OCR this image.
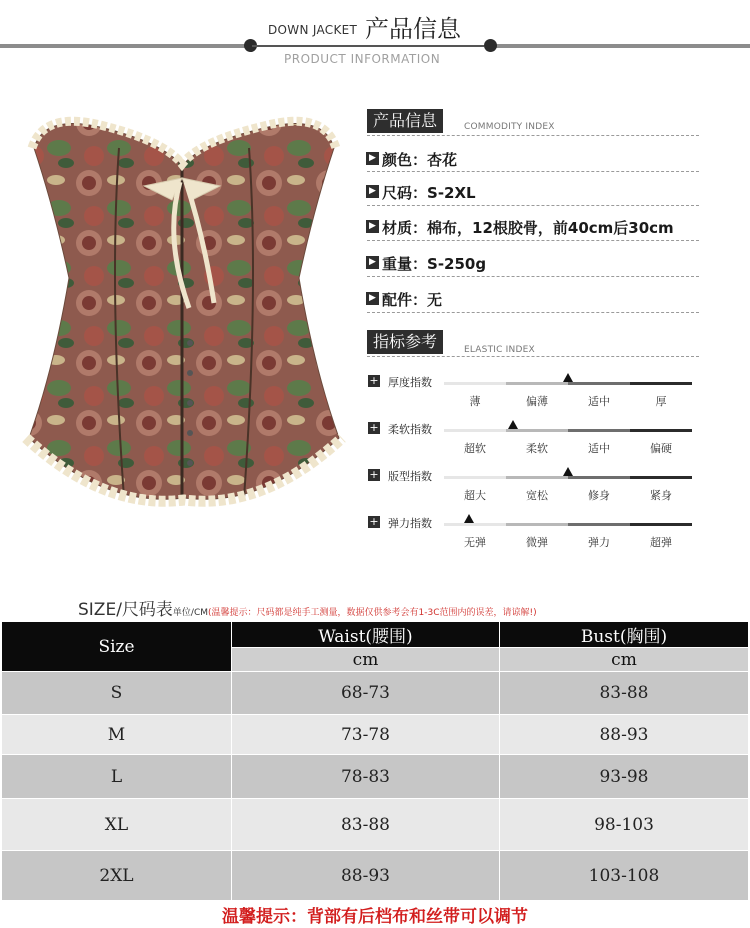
DOWN JACKET 产品信息
PRODUCT INFORMATION
产品信息	COMMODITY INDEX
▶ 颜色：杏花
▶ 尺码：S-2XL
▶ 材质：棉布，12根胶骨，前40cm后30cm
▶ 重量：S-250g
▶ 配件：无
指标参考	ELASTIC INDEX
+ 厚度指数
薄	偏薄	适中	厚
+ 柔软指数
超软	柔软	适中	偏硬
+ 版型指数
超大	宽松	修身	紧身
+ 弹力指数
无弹	微弹	弹力	超弹
SIZE/尺码表单位/CM(温馨提示：尺码都是纯手工测量，数据仅供参考会有1-3C范围内的误差，请谅解!)
Size	Waist(腰围)	Bust(胸围)
	cm	cm
S	68-73	83-88
M	73-78	88-93
L	78-83	93-98
XL	83-88	98-103
2XL	88-93	103-108
温馨提示：背部有后档布和丝带可以调节
